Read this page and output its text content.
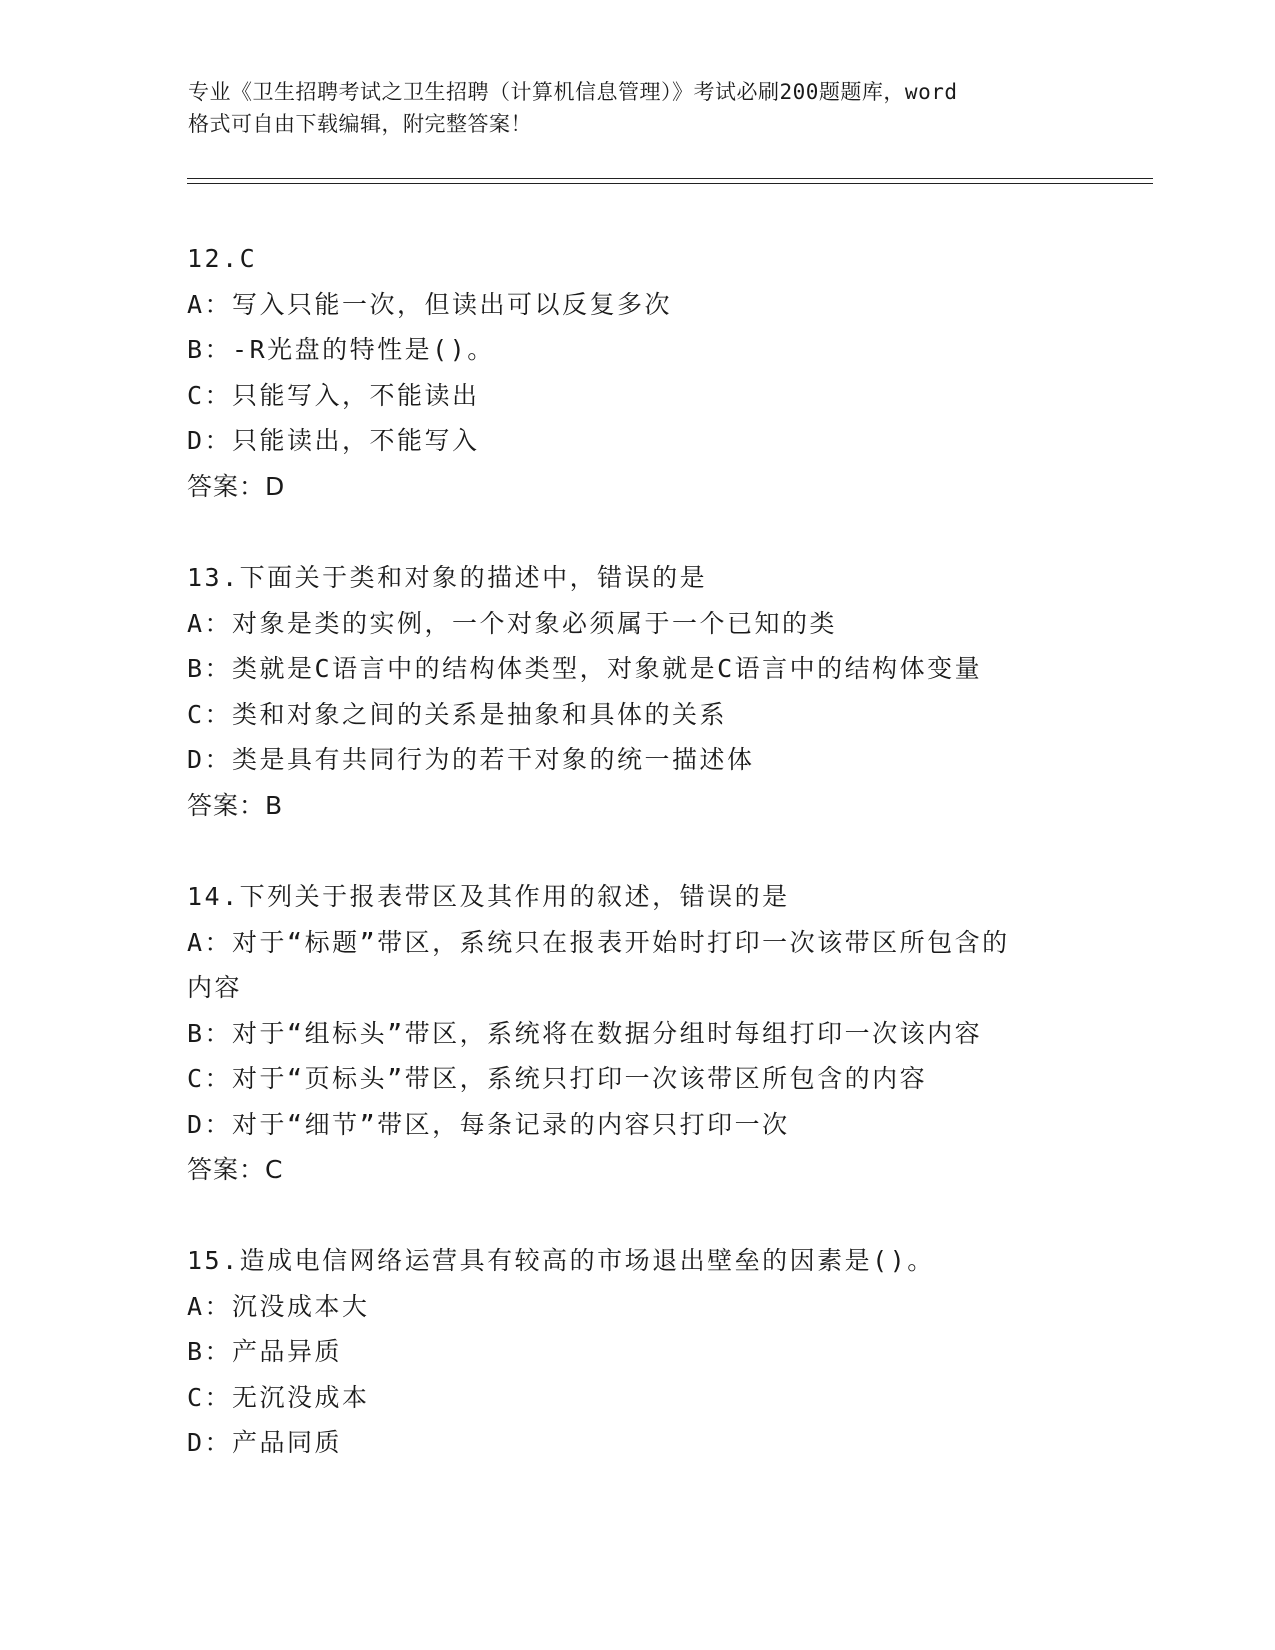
专业《卫生招聘考试之卫生招聘（计算机信息管理）》考试必刷200题题库，word
格式可自由下载编辑，附完整答案！
12.C
A：写入只能一次，但读出可以反复多次
B：-R光盘的特性是()。
C：只能写入，不能读出
D：只能读出，不能写入
答案：D
13.下面关于类和对象的描述中，错误的是
A：对象是类的实例，一个对象必须属于一个已知的类
B：类就是C语言中的结构体类型，对象就是C语言中的结构体变量
C：类和对象之间的关系是抽象和具体的关系
D：类是具有共同行为的若干对象的统一描述体
答案：B
14.下列关于报表带区及其作用的叙述，错误的是
A：对于“标题”带区，系统只在报表开始时打印一次该带区所包含的
内容
B：对于“组标头”带区，系统将在数据分组时每组打印一次该内容
C：对于“页标头”带区，系统只打印一次该带区所包含的内容
D：对于“细节”带区，每条记录的内容只打印一次
答案：C
15.造成电信网络运营具有较高的市场退出壁垒的因素是()。
A：沉没成本大
B：产品异质
C：无沉没成本
D：产品同质
